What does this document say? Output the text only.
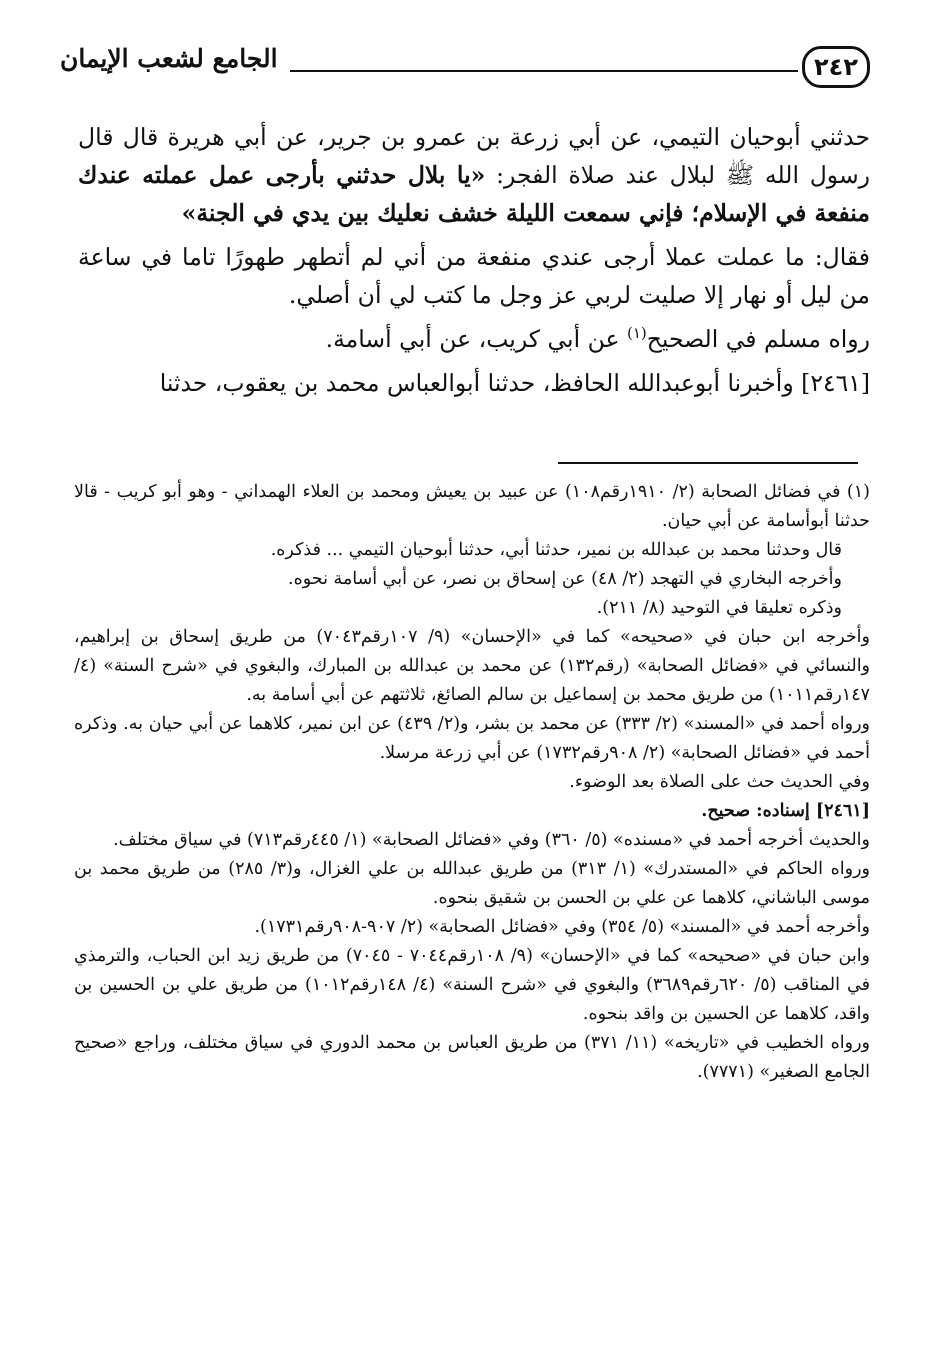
٢٤٢
الجامع لشعب الإيمان

حدثني أبوحيان التيمي، عن أبي زرعة بن عمرو بن جرير، عن أبي هريرة قال قال رسول الله ﷺ لبلال عند صلاة الفجر: «يا بلال حدثني بأرجى عمل عملته عندك منفعة في الإسلام؛ فإني سمعت الليلة خشف نعليك بين يدي في الجنة»

فقال: ما عملت عملا أرجى عندي منفعة من أني لم أتطهر طهورًا تاما في ساعة من ليل أو نهار إلا صليت لربي عز وجل ما كتب لي أن أصلي.

رواه مسلم في الصحيح$^{(١)}$ عن أبي كريب، عن أبي أسامة.

[٢٤٦١] وأخبرنا أبوعبدالله الحافظ، حدثنا أبوالعباس محمد بن يعقوب، حدثنا

(١) في فضائل الصحابة (٢/ ١٩١٠رقم١٠٨) عن عبيد بن يعيش ومحمد بن العلاء الهمداني - وهو أبو كريب - قالا حدثنا أبوأسامة عن أبي حيان.

قال وحدثنا محمد بن عبدالله بن نمير، حدثنا أبي، حدثنا أبوحيان التيمي ... فذكره.

وأخرجه البخاري في التهجد (٢/ ٤٨) عن إسحاق بن نصر، عن أبي أسامة نحوه.

وذكره تعليقا في التوحيد (٨/ ٢١١).

وأخرجه ابن حبان في «صحيحه» كما في «الإحسان» (٩/ ١٠٧رقم٧٠٤٣) من طريق إسحاق بن إبراهيم، والنسائي في «فضائل الصحابة» (رقم١٣٢) عن محمد بن عبدالله بن المبارك، والبغوي في «شرح السنة» (٤/ ١٤٧رقم١٠١١) من طريق محمد بن إسماعيل بن سالم الصائغ، ثلاثتهم عن أبي أسامة به.

ورواه أحمد في «المسند» (٢/ ٣٣٣) عن محمد بن بشر، و(٢/ ٤٣٩) عن ابن نمير، كلاهما عن أبي حيان به. وذكره أحمد في «فضائل الصحابة» (٢/ ٩٠٨رقم١٧٣٢) عن أبي زرعة مرسلا.

وفي الحديث حث على الصلاة بعد الوضوء.

[٢٤٦١] إسناده: صحيح.

والحديث أخرجه أحمد في «مسنده» (٥/ ٣٦٠) وفي «فضائل الصحابة» (١/ ٤٤٥رقم٧١٣) في سياق مختلف.

ورواه الحاكم في «المستدرك» (١/ ٣١٣) من طريق عبدالله بن علي الغزال، و(٣/ ٢٨٥) من طريق محمد بن موسى الباشاني، كلاهما عن علي بن الحسن بن شقيق بنحوه.

وأخرجه أحمد في «المسند» (٥/ ٣٥٤) وفي «فضائل الصحابة» (٢/ ٩٠٧-٩٠٨رقم١٧٣١).

وابن حبان في «صحيحه» كما في «الإحسان» (٩/ ١٠٨رقم٧٠٤٤ - ٧٠٤٥) من طريق زيد ابن الحباب، والترمذي في المناقب (٥/ ٦٢٠رقم٣٦٨٩) والبغوي في «شرح السنة» (٤/ ١٤٨رقم١٠١٢) من طريق علي بن الحسين بن واقد، كلاهما عن الحسين بن واقد بنحوه.

ورواه الخطيب في «تاريخه» (١١/ ٣٧١) من طريق العباس بن محمد الدوري في سياق مختلف، وراجع «صحيح الجامع الصغير» (٧٧٧١).
